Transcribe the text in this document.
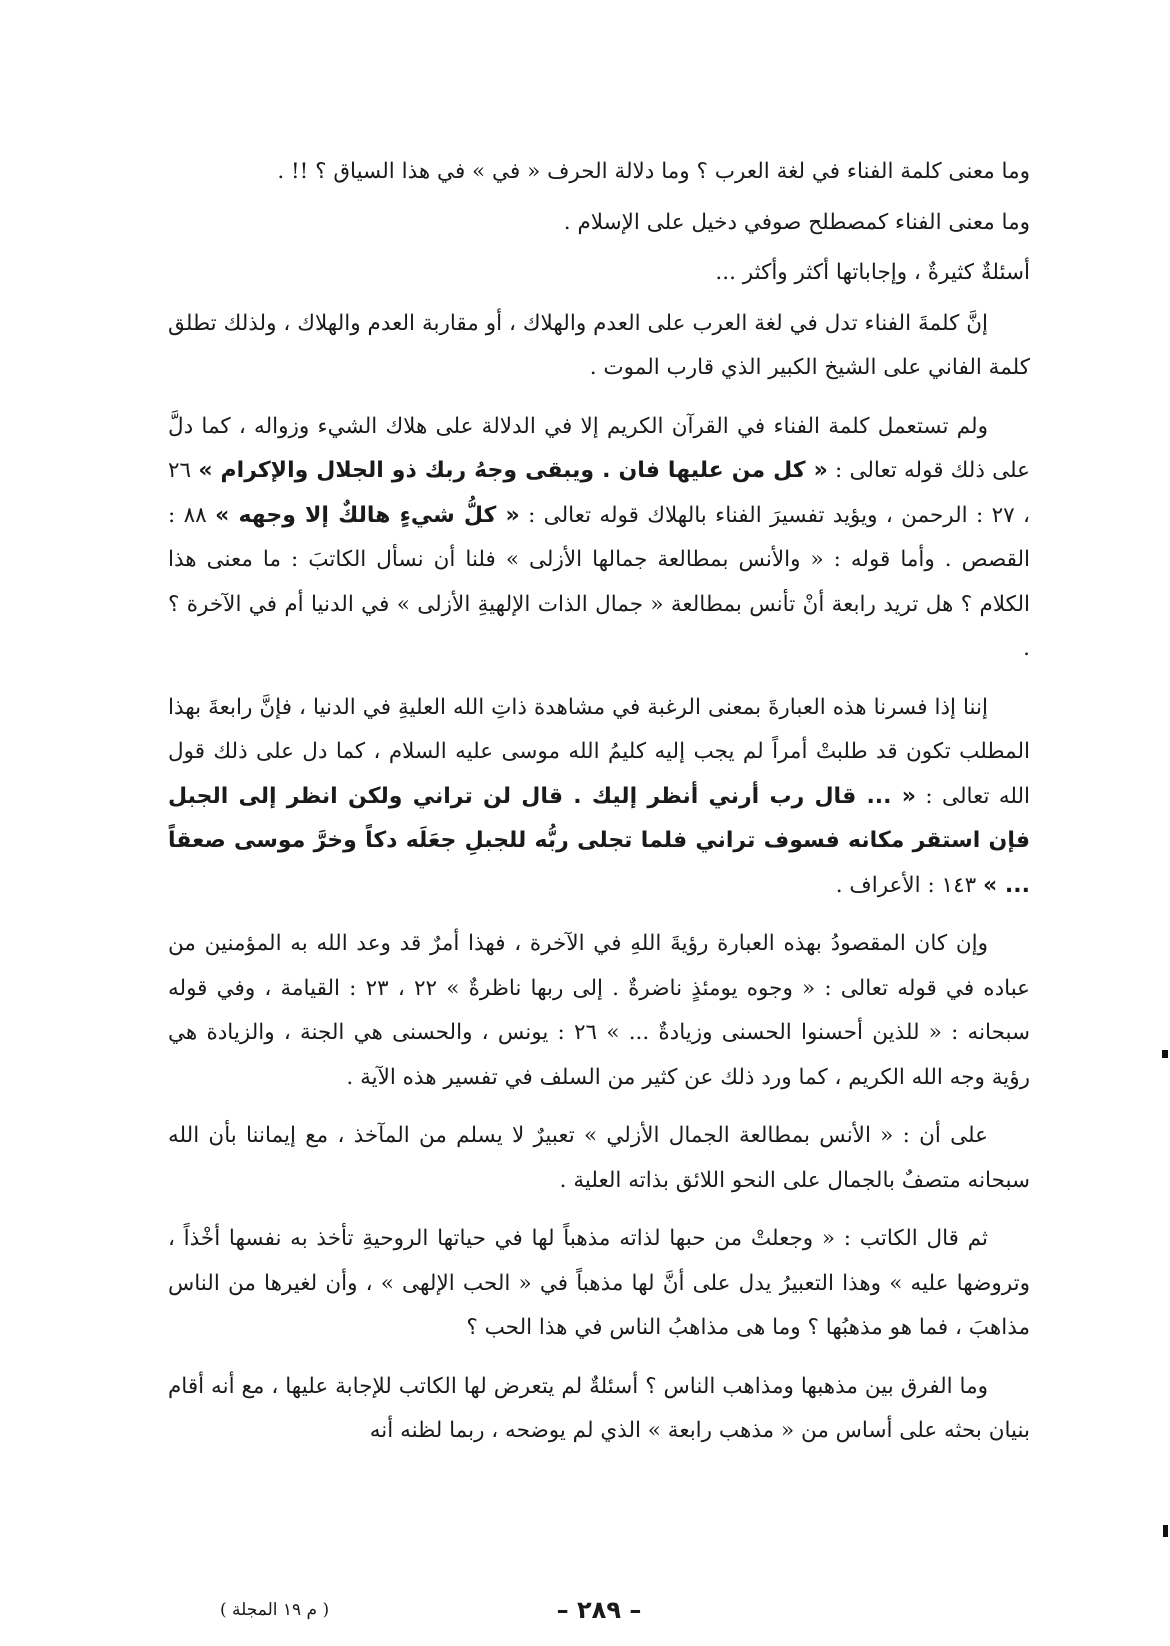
وما معنى كلمة الفناء في لغة العرب ؟ وما دلالة الحرف « في » في هذا السياق ؟ !! .

وما معنى الفناء كمصطلح صوفي دخيل على الإسلام .

أسئلةٌ كثيرةٌ ، وإجاباتها أكثر وأكثر ...

إنَّ كلمةَ الفناء تدل في لغة العرب على العدم والهلاك ، أو مقاربة العدم والهلاك ، ولذلك تطلق كلمة الفاني على الشيخ الكبير الذي قارب الموت .

ولم تستعمل كلمة الفناء في القرآن الكريم إلا في الدلالة على هلاك الشيء وزواله ، كما دلَّ على ذلك قوله تعالى : « كل من عليها فان . ويبقى وجهُ ربك ذو الجلال والإكرام » ٢٦ ، ٢٧ : الرحمن ، ويؤيد تفسيرَ الفناء بالهلاك قوله تعالى : « كلُّ شيءٍ هالكٌ إلا وجهه » ٨٨ : القصص . وأما قوله : « والأنس بمطالعة جمالها الأزلى » فلنا أن نسأل الكاتبَ : ما معنى هذا الكلام ؟ هل تريد رابعة أنْ تأنس بمطالعة « جمال الذات الإلهيةِ الأزلى » في الدنيا أم في الآخرة ؟ .

إننا إذا فسرنا هذه العبارةَ بمعنى الرغبة في مشاهدة ذاتِ الله العليةِ في الدنيا ، فإنَّ رابعةَ بهذا المطلب تكون قد طلبتْ أمراً لم يجب إليه كليمُ الله موسى عليه السلام ، كما دل على ذلك قول الله تعالى : « ... قال رب أرني أنظر إليك . قال لن تراني ولكن انظر إلى الجبل فإن استقر مكانه فسوف تراني فلما تجلى ربُّه للجبلِ جعَلَه دكاً وخرَّ موسى صعقاً ... » ١٤٣ : الأعراف .

وإن كان المقصودُ بهذه العبارة رؤيةَ اللهِ في الآخرة ، فهذا أمرٌ قد وعد الله به المؤمنين من عباده في قوله تعالى : « وجوه يومئذٍ ناضرةٌ . إلى ربها ناظرةٌ » ٢٢ ، ٢٣ : القيامة ، وفي قوله سبحانه : « للذين أحسنوا الحسنى وزيادةٌ ... » ٢٦ : يونس ، والحسنى هي الجنة ، والزيادة هي رؤية وجه الله الكريم ، كما ورد ذلك عن كثير من السلف في تفسير هذه الآية .

على أن : « الأنس بمطالعة الجمال الأزلي » تعبيرٌ لا يسلم من المآخذ ، مع إيماننا بأن الله سبحانه متصفٌ بالجمال على النحو اللائق بذاته العلية .

ثم قال الكاتب : « وجعلتْ من حبها لذاته مذهباً لها في حياتها الروحيةِ تأخذ به نفسها أخْذاً ، وتروضها عليه » وهذا التعبيرُ يدل على أنَّ لها مذهباً في « الحب الإلهى » ، وأن لغيرها من الناس مذاهبَ ، فما هو مذهبُها ؟ وما هى مذاهبُ الناس في هذا الحب ؟

وما الفرق بين مذهبها ومذاهب الناس ؟ أسئلةٌ لم يتعرض لها الكاتب للإجابة عليها ، مع أنه أقام بنيان بحثه على أساس من « مذهب رابعة » الذي لم يوضحه ، ربما لظنه أنه

– ٢٨٩ –
( م ١٩ المجلة )
